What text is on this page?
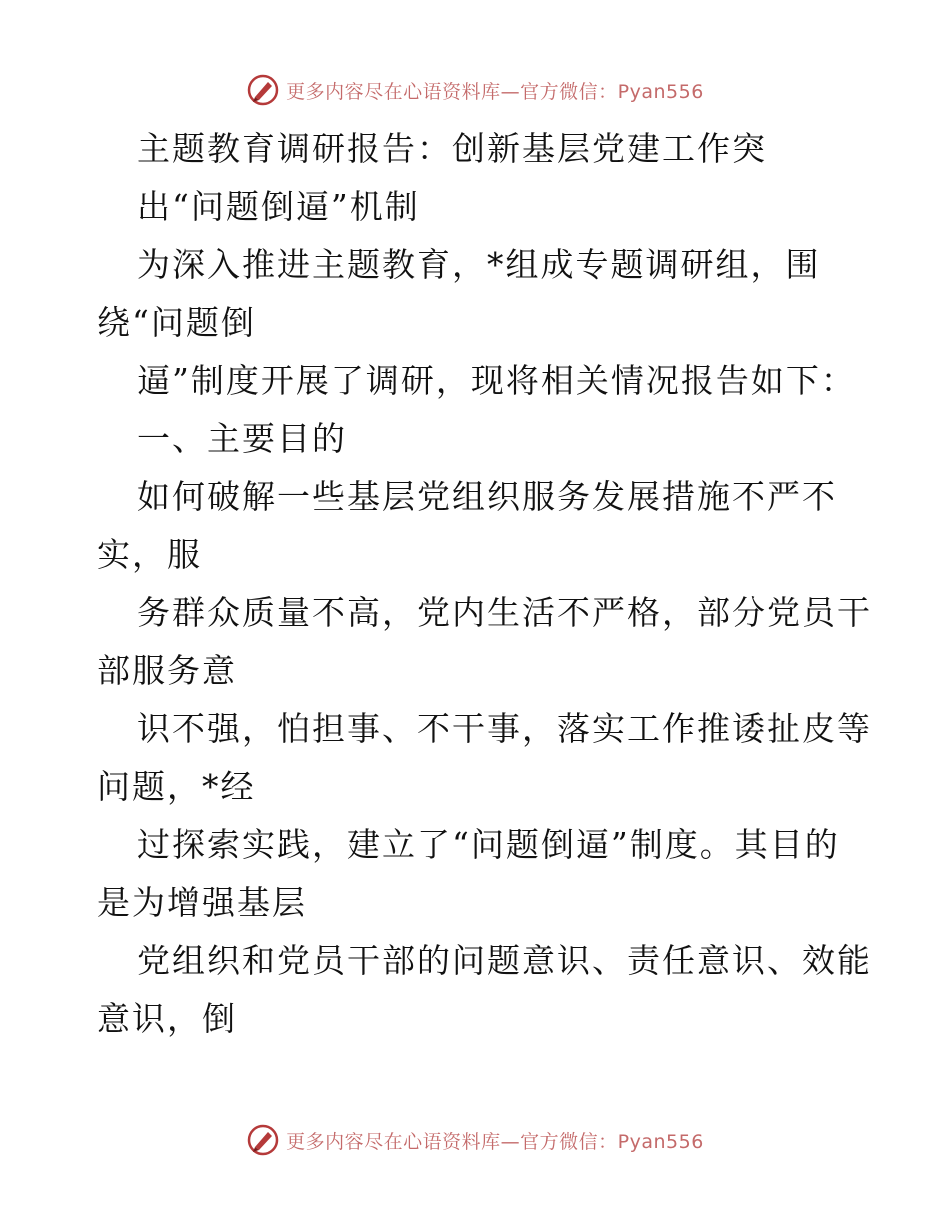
更多内容尽在心语资料库—官方微信：Pyan556
主题教育调研报告：创新基层党建工作突
出“问题倒逼”机制
为深入推进主题教育，*组成专题调研组，围
绕“问题倒
逼”制度开展了调研，现将相关情况报告如下：
一、主要目的
如何破解一些基层党组织服务发展措施不严不
实，服
务群众质量不高，党内生活不严格，部分党员干
部服务意
识不强，怕担事、不干事，落实工作推诿扯皮等
问题，*经
过探索实践，建立了“问题倒逼”制度。其目的
是为增强基层
党组织和党员干部的问题意识、责任意识、效能
意识，倒
更多内容尽在心语资料库—官方微信：Pyan556
